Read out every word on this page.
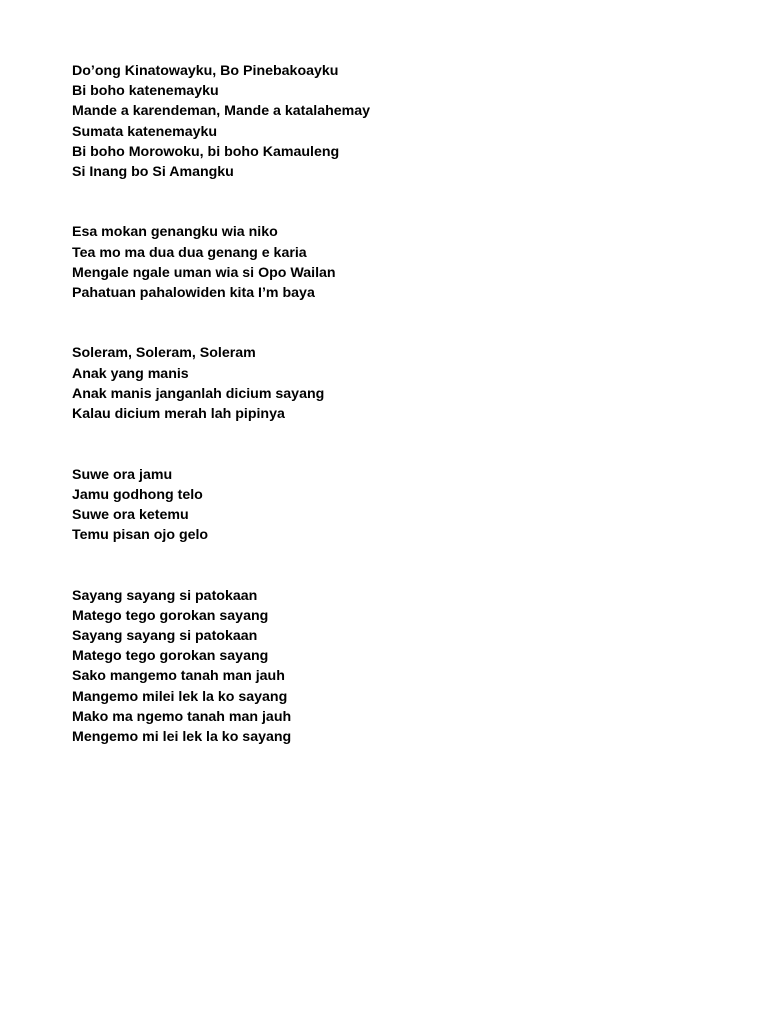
Do’ong Kinatowayku, Bo Pinebakoayku
Bi boho katenemayku
Mande a karendeman, Mande a katalahemay
Sumata katenemayku
Bi boho Morowoku, bi boho Kamauleng
Si Inang bo Si Amangku
Esa mokan genangku wia niko
Tea mo ma dua dua genang e karia
Mengale ngale uman wia si Opo Wailan
Pahatuan pahalowiden kita I’m baya
Soleram, Soleram, Soleram
Anak yang manis
Anak manis janganlah dicium sayang
Kalau dicium merah lah pipinya
Suwe ora jamu
Jamu godhong telo
Suwe ora ketemu
Temu pisan ojo gelo
Sayang sayang si patokaan
Matego tego gorokan sayang
Sayang sayang si patokaan
Matego tego gorokan sayang
Sako mangemo tanah man jauh
Mangemo milei lek la ko sayang
Mako ma ngemo tanah man jauh
Mengemo mi lei lek la ko sayang
